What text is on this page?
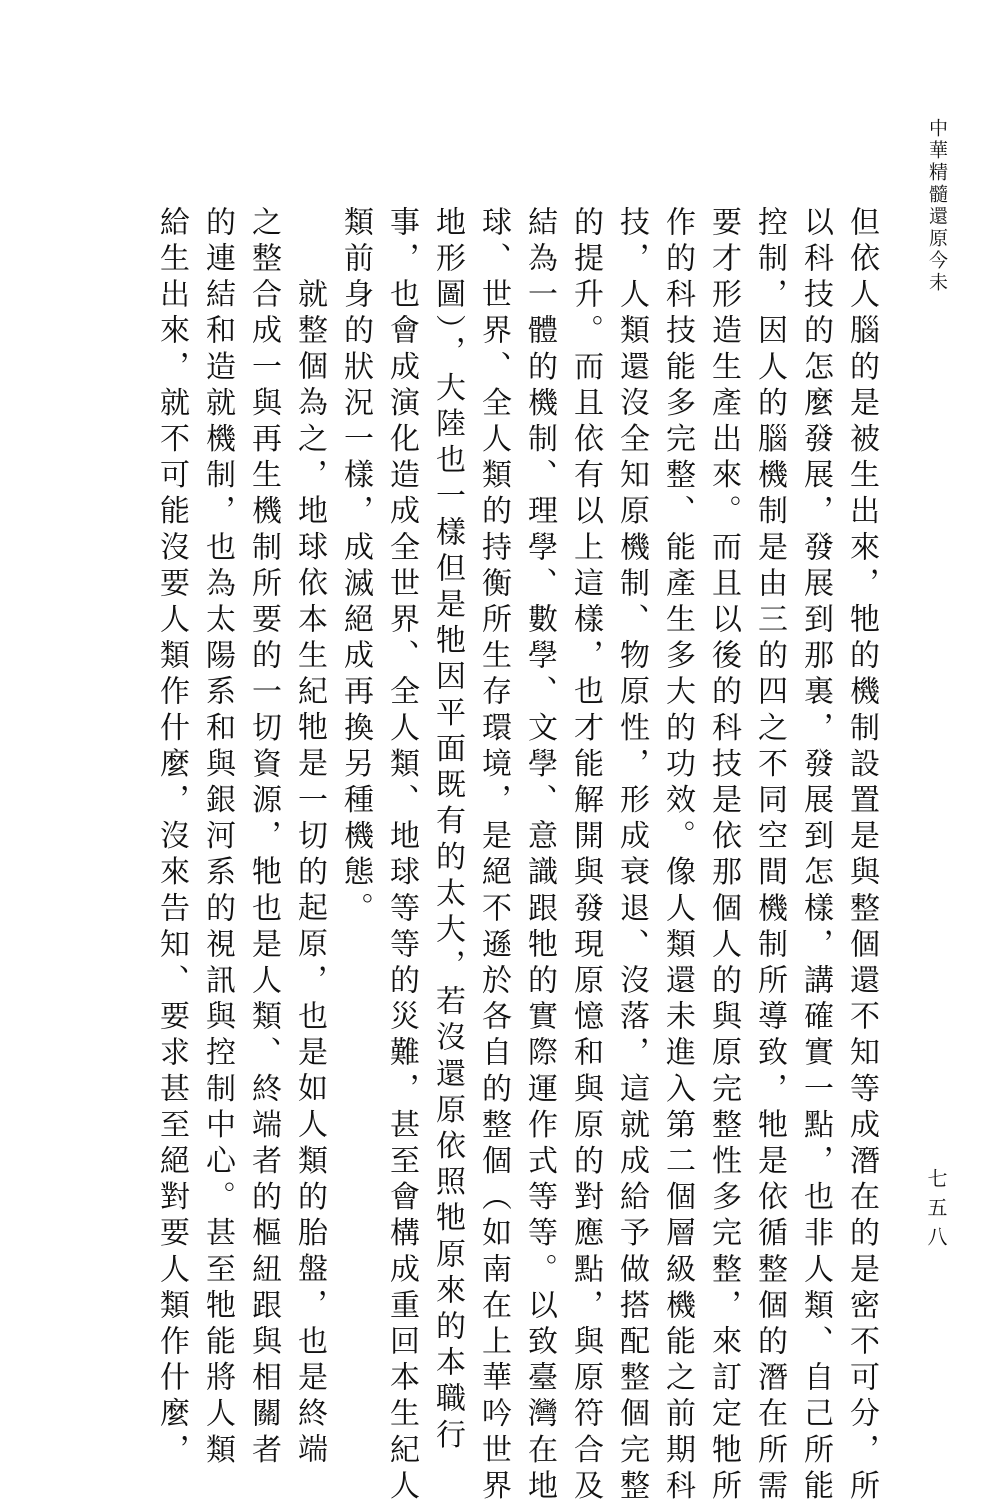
中華精髓還原今未
七五八
但依人腦的是被生出來，牠的機制設置是與整個還不知等成潛在的是密不可分，所
以科技的怎麼發展，發展到那裏，發展到怎樣，講確實一點，也非人類、自己所能
控制，因人的腦機制是由三的四之不同空間機制所導致，牠是依循整個的潛在所需
要才形造生產出來。而且以後的科技是依那個人的與原完整性多完整，來訂定牠所
作的科技能多完整、能產生多大的功效。像人類還未進入第二個層級機能之前期科
技，人類還沒全知原機制、物原性，形成衰退、沒落，這就成給予做搭配整個完整
的提升。而且依有以上這樣，也才能解開與發現原憶和與原的對應點，與原符合及
結為一體的機制、理學、數學、文學、意識跟牠的實際運作式等等。以致臺灣在地
球、世界、全人類的持衡所生存環境，是絕不遜於各自的整個（如南在上華吟世界
地形圖），大陸也一樣但是牠因平面既有的太大，若沒還原依照牠原來的本職行
事，也會成演化造成全世界、全人類、地球等等的災難，甚至會構成重回本生紀人
類前身的狀況一樣，成滅絕成再換另種機態。
就整個為之，地球依本生紀牠是一切的起原，也是如人類的胎盤，也是終端
之整合成一與再生機制所要的一切資源，牠也是人類、終端者的樞紐跟與相關者
的連結和造就機制，也為太陽系和與銀河系的視訊與控制中心。甚至牠能將人類
給生出來，就不可能沒要人類作什麼，沒來告知、要求甚至絕對要人類作什麼，
